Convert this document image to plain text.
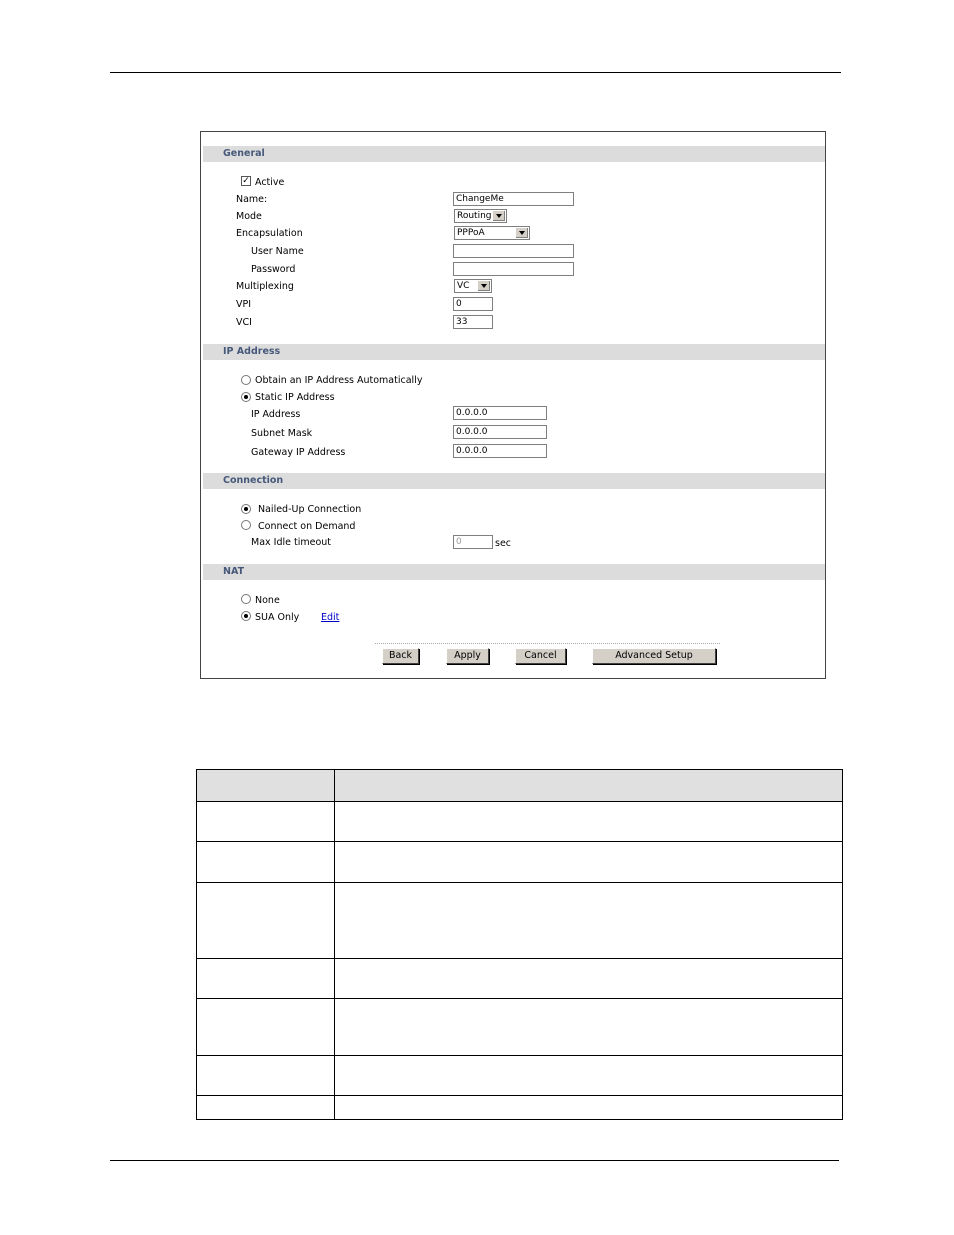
General
✓ Active
Name:	ChangeMe
Mode	Routing
Encapsulation	PPPoA
User Name
Password
Multiplexing	VC
VPI	0
VCI	33
IP Address
Obtain an IP Address Automatically
Static IP Address
IP Address	0.0.0.0
Subnet Mask	0.0.0.0
Gateway IP Address	0.0.0.0
Connection
Nailed-Up Connection
Connect on Demand
Max Idle timeout	0	sec
NAT
None
SUA Only Edit
Back	Apply	Cancel	Advanced Setup
